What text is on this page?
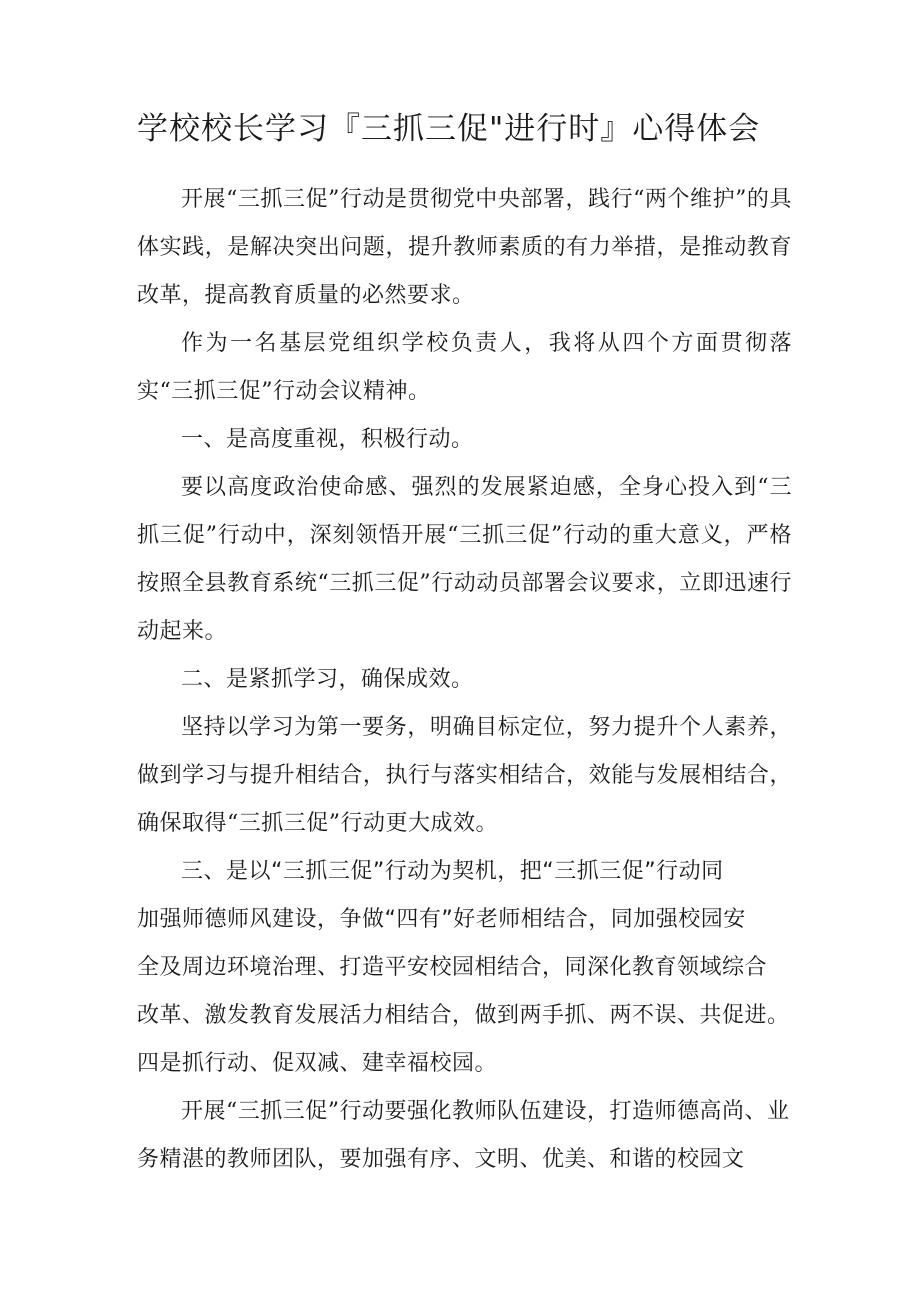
学校校长学习『三抓三促"进行时』心得体会

开展“三抓三促”行动是贯彻党中央部署，践行“两个维护”的具体实践，是解决突出问题，提升教师素质的有力举措，是推动教育改革，提高教育质量的必然要求。

作为一名基层党组织学校负责人，我将从四个方面贯彻落实“三抓三促”行动会议精神。

一、是高度重视，积极行动。

要以高度政治使命感、强烈的发展紧迫感，全身心投入到“三抓三促”行动中，深刻领悟开展“三抓三促”行动的重大意义，严格按照全县教育系统“三抓三促”行动动员部署会议要求，立即迅速行动起来。

二、是紧抓学习，确保成效。

坚持以学习为第一要务，明确目标定位，努力提升个人素养，做到学习与提升相结合，执行与落实相结合，效能与发展相结合，确保取得“三抓三促”行动更大成效。

三、是以“三抓三促”行动为契机，把“三抓三促”行动同
加强师德师风建设，争做“四有”好老师相结合，同加强校园安
全及周边环境治理、打造平安校园相结合，同深化教育领域综合
改革、激发教育发展活力相结合，做到两手抓、两不误、共促进。
四是抓行动、促双减、建幸福校园。

开展“三抓三促”行动要强化教师队伍建设，打造师德高尚、业务精湛的教师团队，要加强有序、文明、优美、和谐的校园文
